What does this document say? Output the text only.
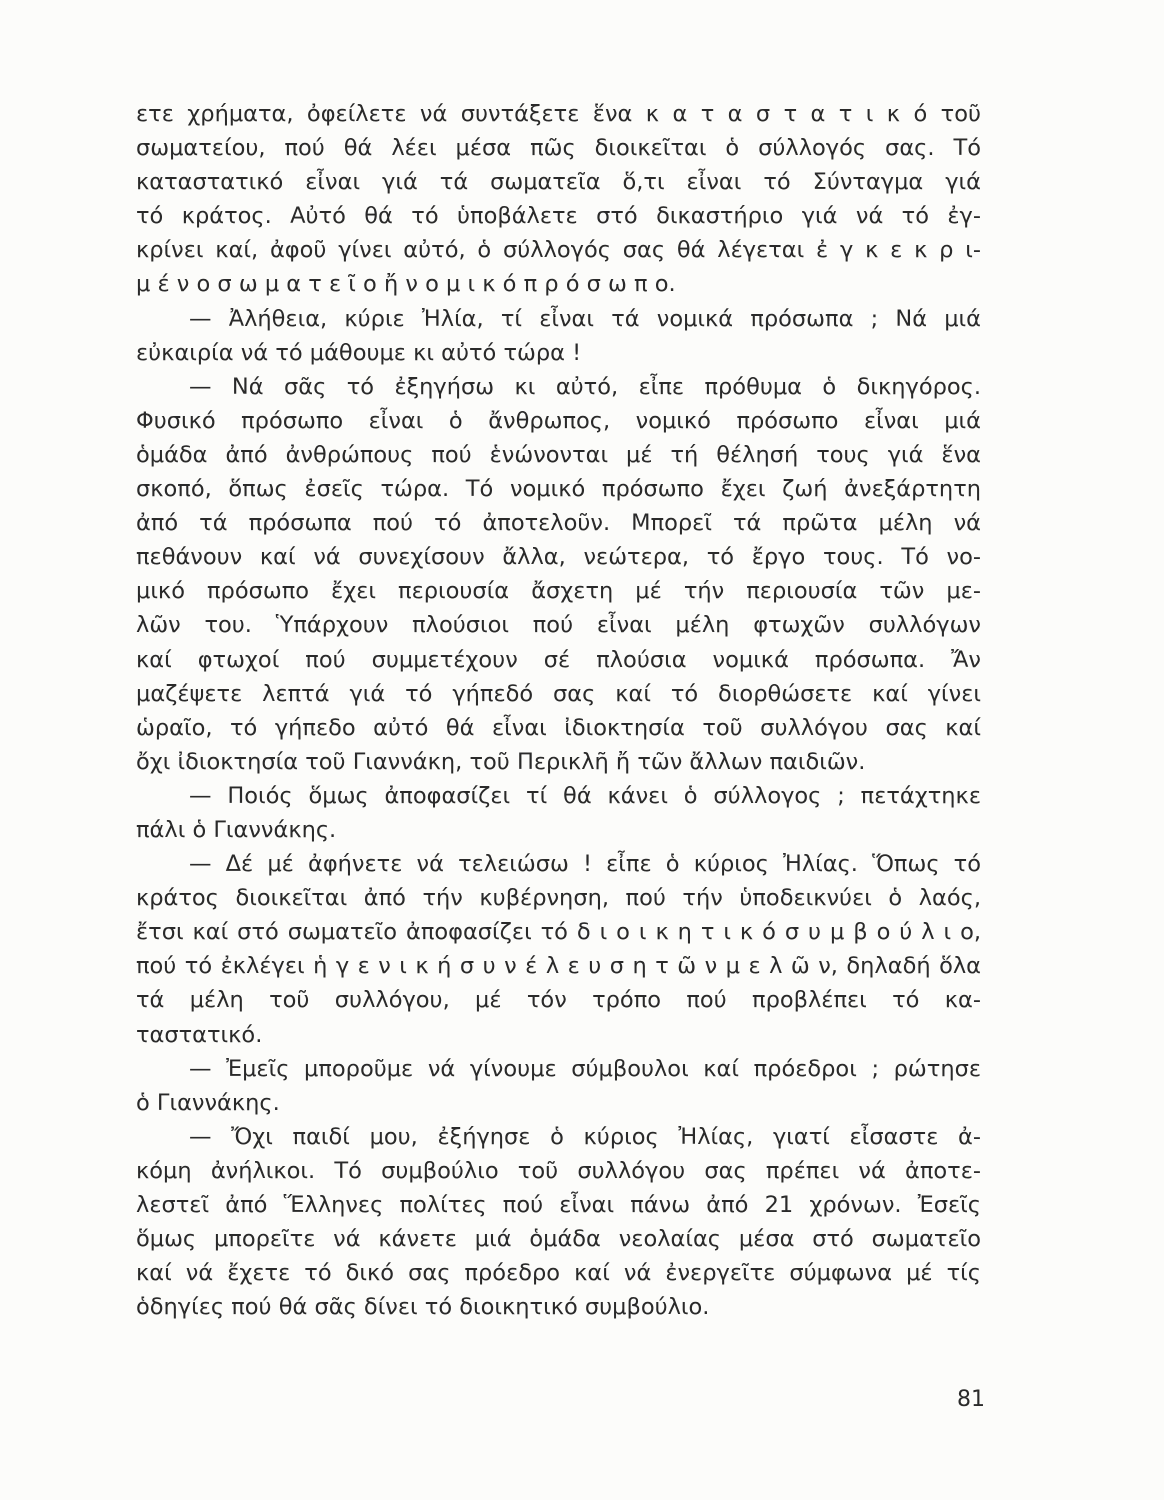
ετε χρήματα, ὀφείλετε νά συντάξετε ἕνα κ α τ α σ τ α τ ι κ ό τοῦ
σωματείου, πού θά λέει μέσα πῶς διοικεῖται ὁ σύλλογός σας. Τό
καταστατικό εἶναι γιά τά σωματεῖα ὅ,τι εἶναι τό Σύνταγμα γιά
τό κράτος. Αὐτό θά τό ὑποβάλετε στό δικαστήριο γιά νά τό ἐγ-
κρίνει καί, ἀφοῦ γίνει αὐτό, ὁ σύλλογός σας θά λέγεται ἐ γ κ ε κ ρ ι-
μ έ ν ο σ ω μ α τ ε ῖ ο ἤ ν ο μ ι κ ό π ρ ό σ ω π ο.
— Ἀλήθεια, κύριε Ἠλία, τί εἶναι τά νομικά πρόσωπα ; Νά μιά
εὐκαιρία νά τό μάθουμε κι αὐτό τώρα !
— Νά σᾶς τό ἐξηγήσω κι αὐτό, εἶπε πρόθυμα ὁ δικηγόρος.
Φυσικό πρόσωπο εἶναι ὁ ἄνθρωπος, νομικό πρόσωπο εἶναι μιά
ὁμάδα ἀπό ἀνθρώπους πού ἑνώνονται μέ τή θέλησή τους γιά ἕνα
σκοπό, ὅπως ἐσεῖς τώρα. Τό νομικό πρόσωπο ἔχει ζωή ἀνεξάρτητη
ἀπό τά πρόσωπα πού τό ἀποτελοῦν. Μπορεῖ τά πρῶτα μέλη νά
πεθάνουν καί νά συνεχίσουν ἄλλα, νεώτερα, τό ἔργο τους. Τό νο-
μικό πρόσωπο ἔχει περιουσία ἄσχετη μέ τήν περιουσία τῶν με-
λῶν του. Ὑπάρχουν πλούσιοι πού εἶναι μέλη φτωχῶν συλλόγων
καί φτωχοί πού συμμετέχουν σέ πλούσια νομικά πρόσωπα. Ἄν
μαζέψετε λεπτά γιά τό γήπεδό σας καί τό διορθώσετε καί γίνει
ὡραῖο, τό γήπεδο αὐτό θά εἶναι ἰδιοκτησία τοῦ συλλόγου σας καί
ὄχι ἰδιοκτησία τοῦ Γιαννάκη, τοῦ Περικλῆ ἤ τῶν ἄλλων παιδιῶν.
— Ποιός ὅμως ἀποφασίζει τί θά κάνει ὁ σύλλογος ; πετάχτηκε
πάλι ὁ Γιαννάκης.
— Δέ μέ ἀφήνετε νά τελειώσω ! εἶπε ὁ κύριος Ἠλίας. Ὅπως τό
κράτος διοικεῖται ἀπό τήν κυβέρνηση, πού τήν ὑποδεικνύει ὁ λαός,
ἔτσι καί στό σωματεῖο ἀποφασίζει τό δ ι ο ι κ η τ ι κ ό σ υ μ β ο ύ λ ι ο,
πού τό ἐκλέγει ἡ γ ε ν ι κ ή σ υ ν έ λ ε υ σ η τ ῶ ν μ ε λ ῶ ν, δηλαδή ὅλα
τά μέλη τοῦ συλλόγου, μέ τόν τρόπο πού προβλέπει τό κα-
ταστατικό.
— Ἐμεῖς μποροῦμε νά γίνουμε σύμβουλοι καί πρόεδροι ; ρώτησε
ὁ Γιαννάκης.
— Ὄχι παιδί μου, ἐξήγησε ὁ κύριος Ἠλίας, γιατί εἶσαστε ἀ-
κόμη ἀνήλικοι. Τό συμβούλιο τοῦ συλλόγου σας πρέπει νά ἀποτε-
λεστεῖ ἀπό Ἕλληνες πολίτες πού εἶναι πάνω ἀπό 21 χρόνων. Ἐσεῖς
ὅμως μπορεῖτε νά κάνετε μιά ὁμάδα νεολαίας μέσα στό σωματεῖο
καί νά ἔχετε τό δικό σας πρόεδρο καί νά ἐνεργεῖτε σύμφωνα μέ τίς
ὁδηγίες πού θά σᾶς δίνει τό διοικητικό συμβούλιο.
81
